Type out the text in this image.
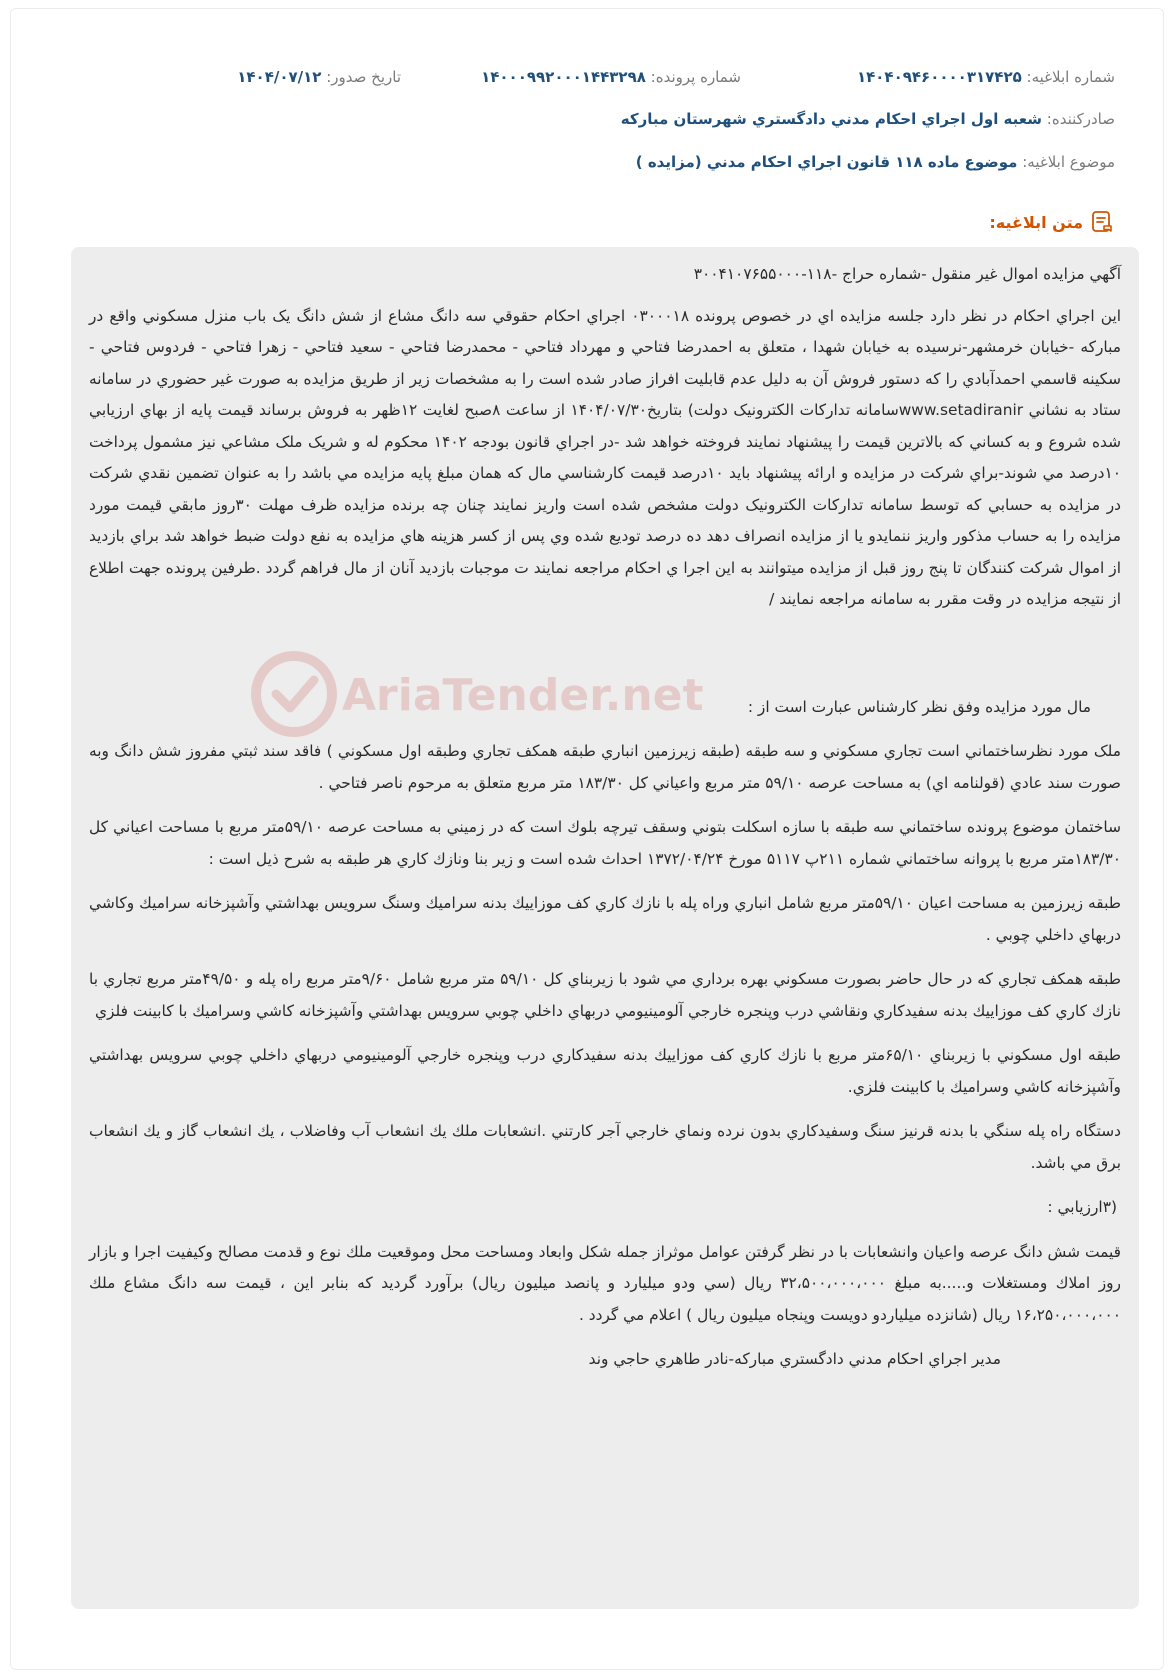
شماره ابلاغيه: ۱۴۰۴۰۹۴۶۰۰۰۰۳۱۷۴۲۵
شماره پرونده: ۱۴۰۰۰۹۹۲۰۰۰۱۴۴۳۲۹۸
تاريخ صدور: ۱۴۰۴/۰۷/۱۲
صادرکننده: شعبه اول اجراي احکام مدني دادگستري شهرستان مبارکه
موضوع ابلاغيه: موضوع ماده ۱۱۸ قانون اجراي احکام مدني (مزايده )
متن ابلاغيه:
AriaTender.net

آگهي مزايده اموال غير منقول -شماره حراج -۱۱۸-۳۰۰۴۱۰۷۶۵۵۰۰۰

اين اجراي احکام در نظر دارد جلسه مزايده اي در خصوص پرونده ۰۳۰۰۰۱۸ اجراي احکام حقوقي سه دانگ مشاع از شش دانگ يک باب منزل مسکوني واقع در مبارکه -خيابان خرمشهر-نرسيده به خيابان شهدا ، متعلق به احمدرضا فتاحي و مهرداد فتاحي - محمدرضا فتاحي - سعيد فتاحي - زهرا فتاحي - فردوس فتاحي - سکينه قاسمي احمدآبادي را که دستور فروش آن به دليل عدم قابليت افراز صادر شده است را به مشخصات زير از طريق مزايده به صورت غير حضوري در سامانه ستاد به نشاني www.setadiranirسامانه تدارکات الکترونيک دولت) بتاريخ۱۴۰۴/۰۷/۳۰ از ساعت ۸صبح لغايت ۱۲ظهر به فروش برساند قيمت پايه از بهاي ارزيابي شده شروع و به کساني که بالاترين قيمت را پيشنهاد نمايند فروخته خواهد شد -در اجراي قانون بودجه ۱۴۰۲ محکوم له و شريک ملک مشاعي نيز مشمول پرداخت ۱۰درصد مي شوند-براي شرکت در مزايده و ارائه پيشنهاد بايد ۱۰درصد قيمت کارشناسي مال که همان مبلغ پايه مزايده مي باشد را به عنوان تضمين نقدي شرکت در مزايده به حسابي که توسط سامانه تدارکات الکترونيک دولت مشخص شده است واريز نمايند چنان چه برنده مزايده ظرف مهلت ۳۰روز مابقي قيمت مورد مزايده را به حساب مذکور واريز ننمايدو يا از مزايده انصراف دهد ده درصد توديع شده وي پس از کسر هزينه هاي مزايده به نفع دولت ضبط خواهد شد براي بازديد از اموال شرکت کنندگان تا پنج روز قبل از مزايده ميتوانند به اين اجرا ي احکام مراجعه نمايند ت موجبات بازديد آنان از مال فراهم گردد .طرفين پرونده جهت اطلاع از نتيجه مزايده در وقت مقرر به سامانه مراجعه نمايند /

مال مورد مزايده وفق نظر کارشناس عبارت است از :

ملک مورد نظرساختماني است تجاري مسکوني و سه طبقه (طبقه زيرزمين انباري طبقه همکف تجاري وطبقه اول مسکوني ) فاقد سند ثبتي مفروز شش دانگ وبه صورت سند عادي (قولنامه اي) به مساحت عرصه ۵۹/۱۰ متر مربع واعياني کل ۱۸۳/۳۰ متر مربع متعلق به مرحوم ناصر فتاحي .

ساختمان موضوع پرونده ساختماني سه طبقه با سازه اسکلت بتوني وسقف تيرچه بلوك است که در زميني به مساحت عرصه ۵۹/۱۰متر مربع با مساحت اعياني کل ۱۸۳/۳۰متر مربع با پروانه ساختماني شماره ۲۱۱پ ۵۱۱۷ مورخ ۱۳۷۲/۰۴/۲۴ احداث شده است و زير بنا ونازك كاري هر طبقه به شرح ذيل است :

طبقه زيرزمين به مساحت اعيان ۵۹/۱۰متر مربع شامل انباري وراه پله با نازك كاري كف موزاييك بدنه سراميك وسنگ سرويس بهداشتي وآشپزخانه سراميك وكاشي دربهاي داخلي چوبي .

طبقه همكف تجاري كه در حال حاضر بصورت مسكوني بهره برداري مي شود با زيربناي كل ۵۹/۱۰ متر مربع شامل ۹/۶۰متر مربع راه پله و ۴۹/۵۰متر مربع تجاري با نازك كاري كف موزاييك بدنه سفيدكاري ونقاشي درب وپنجره خارجي آلومينيومي دربهاي داخلي چوبي سرويس بهداشتي وآشپزخانه كاشي وسراميك با كابينت فلزي

طبقه اول مسكوني با زيربناي ۶۵/۱۰متر مربع با نازك كاري كف موزاييك بدنه سفيدكاري درب وپنجره خارجي آلومينيومي دربهاي داخلي چوبي سرويس بهداشتي وآشپزخانه كاشي وسراميك با كابينت فلزي.

دستگاه راه پله سنگي با بدنه قرنيز سنگ وسفيدكاري بدون نرده ونماي خارجي آجر كارتني .انشعابات ملك يك انشعاب آب وفاضلاب ، يك انشعاب گاز و يك انشعاب برق مي باشد.

(۳ارزيابي :

قيمت شش دانگ عرصه واعيان وانشعابات با در نظر گرفتن عوامل موثراز جمله شكل وابعاد ومساحت محل وموقعيت ملك نوع و قدمت مصالح وكيفيت اجرا و بازار روز املاك ومستغلات و.....به مبلغ ۳۲،۵۰۰،۰۰۰،۰۰۰ ريال (سي ودو ميليارد و پانصد ميليون ريال) برآورد گرديد كه بنابر اين ، قيمت سه دانگ مشاع ملك ۱۶،۲۵۰،۰۰۰،۰۰۰ ريال (شانزده ميلياردو دويست وپنجاه ميليون ريال ) اعلام مي گردد .

مدير اجراي احکام مدني دادگستري مبارکه-نادر طاهري حاجي وند
